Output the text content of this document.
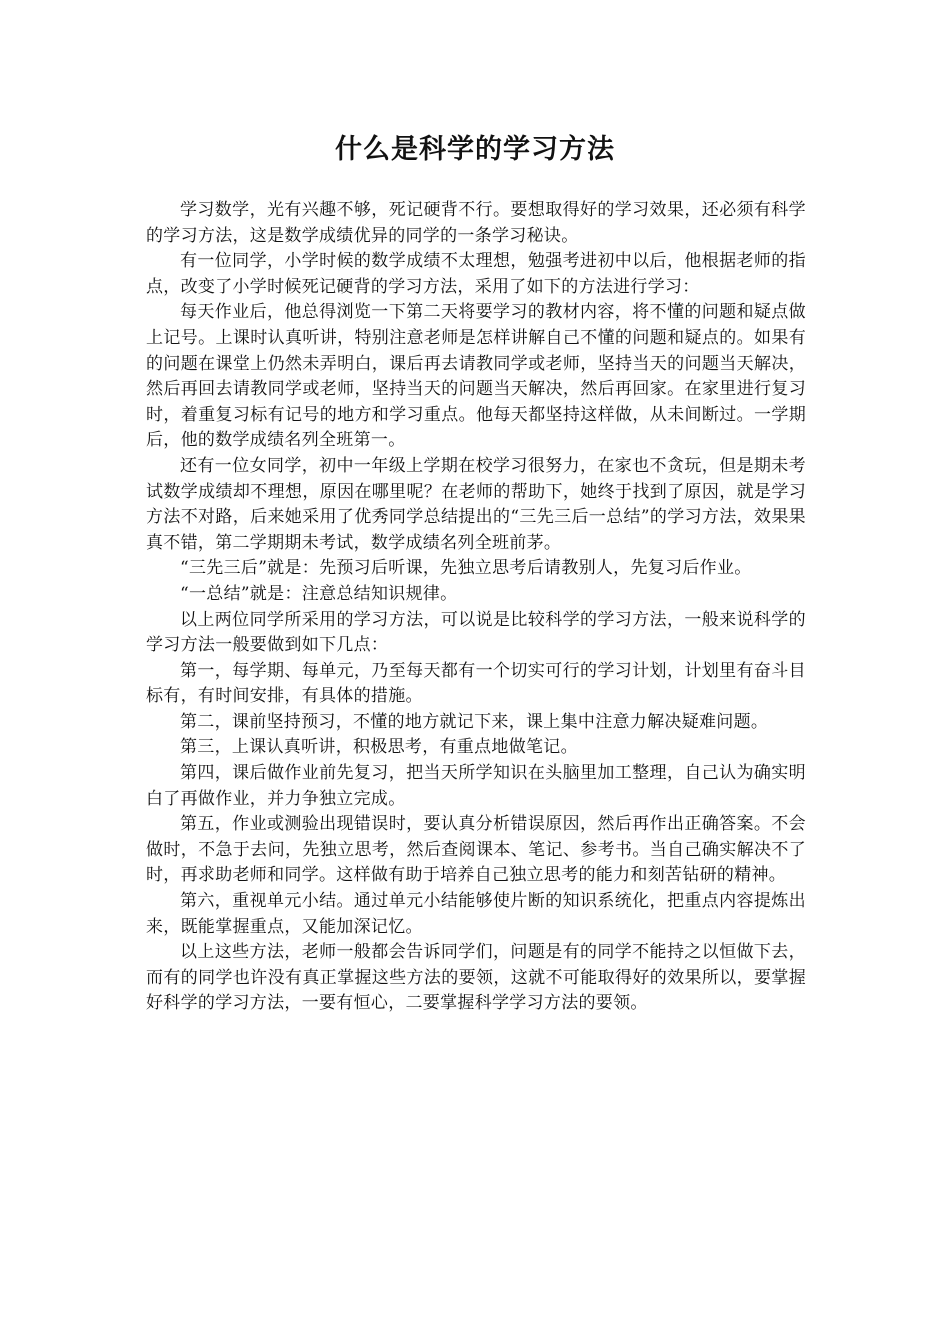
什么是科学的学习方法

学习数学，光有兴趣不够，死记硬背不行。要想取得好的学习效果，还必须有科学的学习方法，这是数学成绩优异的同学的一条学习秘诀。

有一位同学，小学时候的数学成绩不太理想，勉强考进初中以后，他根据老师的指点，改变了小学时候死记硬背的学习方法，采用了如下的方法进行学习：

每天作业后，他总得浏览一下第二天将要学习的教材内容，将不懂的问题和疑点做上记号。上课时认真听讲，特别注意老师是怎样讲解自己不懂的问题和疑点的。如果有的问题在课堂上仍然未弄明白，课后再去请教同学或老师，坚持当天的问题当天解决，然后再回去请教同学或老师，坚持当天的问题当天解决，然后再回家。在家里进行复习时，着重复习标有记号的地方和学习重点。他每天都坚持这样做，从未间断过。一学期后，他的数学成绩名列全班第一。

还有一位女同学，初中一年级上学期在校学习很努力，在家也不贪玩，但是期未考试数学成绩却不理想，原因在哪里呢？在老师的帮助下，她终于找到了原因，就是学习方法不对路，后来她采用了优秀同学总结提出的“三先三后一总结”的学习方法，效果果真不错，第二学期期未考试，数学成绩名列全班前茅。

“三先三后”就是：先预习后听课，先独立思考后请教别人，先复习后作业。

“一总结”就是：注意总结知识规律。

以上两位同学所采用的学习方法，可以说是比较科学的学习方法，一般来说科学的学习方法一般要做到如下几点：

第一，每学期、每单元，乃至每天都有一个切实可行的学习计划，计划里有奋斗目标有，有时间安排，有具体的措施。

第二，课前坚持预习，不懂的地方就记下来，课上集中注意力解决疑难问题。

第三，上课认真听讲，积极思考，有重点地做笔记。

第四，课后做作业前先复习，把当天所学知识在头脑里加工整理，自己认为确实明白了再做作业，并力争独立完成。

第五，作业或测验出现错误时，要认真分析错误原因，然后再作出正确答案。不会做时，不急于去问，先独立思考，然后查阅课本、笔记、参考书。当自己确实解决不了时，再求助老师和同学。这样做有助于培养自己独立思考的能力和刻苦钻研的精神。

第六，重视单元小结。通过单元小结能够使片断的知识系统化，把重点内容提炼出来，既能掌握重点，又能加深记忆。

以上这些方法，老师一般都会告诉同学们，问题是有的同学不能持之以恒做下去，而有的同学也许没有真正掌握这些方法的要领，这就不可能取得好的效果所以，要掌握好科学的学习方法，一要有恒心，二要掌握科学学习方法的要领。
